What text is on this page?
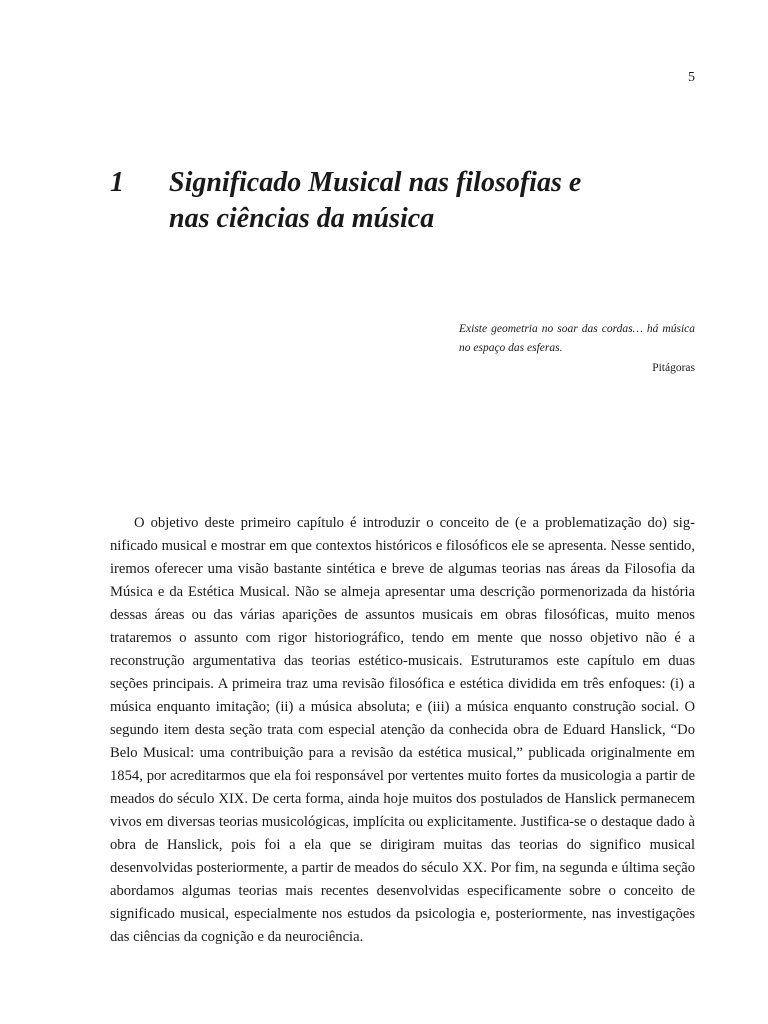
5
1	Significado Musical nas filosofias e
nas ciências da música
Existe geometria no soar das cordas… há música no espaço das esferas.
Pitágoras

O objetivo deste primeiro capítulo é introduzir o conceito de (e a problematização do) significado musical e mostrar em que contextos históricos e filosóficos ele se apresenta. Nesse sentido, iremos oferecer uma visão bastante sintética e breve de algumas teorias nas áreas da Filosofia da Música e da Estética Musical. Não se almeja apresentar uma descrição pormenorizada da história dessas áreas ou das várias aparições de assuntos musicais em obras filosóficas, muito menos trataremos o assunto com rigor historiográfico, tendo em mente que nosso objetivo não é a reconstrução argumentativa das teorias estético-musicais. Estruturamos este capítulo em duas seções principais. A primeira traz uma revisão filosófica e estética dividida em três enfoques: (i) a música enquanto imitação; (ii) a música absoluta; e (iii) a música enquanto construção social. O segundo item desta seção trata com especial atenção da conhecida obra de Eduard Hanslick, “Do Belo Musical: uma contribuição para a revisão da estética musical,” publicada originalmente em 1854, por acreditarmos que ela foi responsável por vertentes muito fortes da musicologia a partir de meados do século XIX. De certa forma, ainda hoje muitos dos postulados de Hanslick permanecem vivos em diversas teorias musicológicas, implícita ou explicitamente. Justifica-se o destaque dado à obra de Hanslick, pois foi a ela que se dirigiram muitas das teorias do significo musical desenvolvidas posteriormente, a partir de meados do século XX. Por fim, na segunda e última seção abordamos algumas teorias mais recentes desenvolvidas especificamente sobre o conceito de significado musical, especialmente nos estudos da psicologia e, posteriormente, nas investigações das ciências da cognição e da neurociência.
